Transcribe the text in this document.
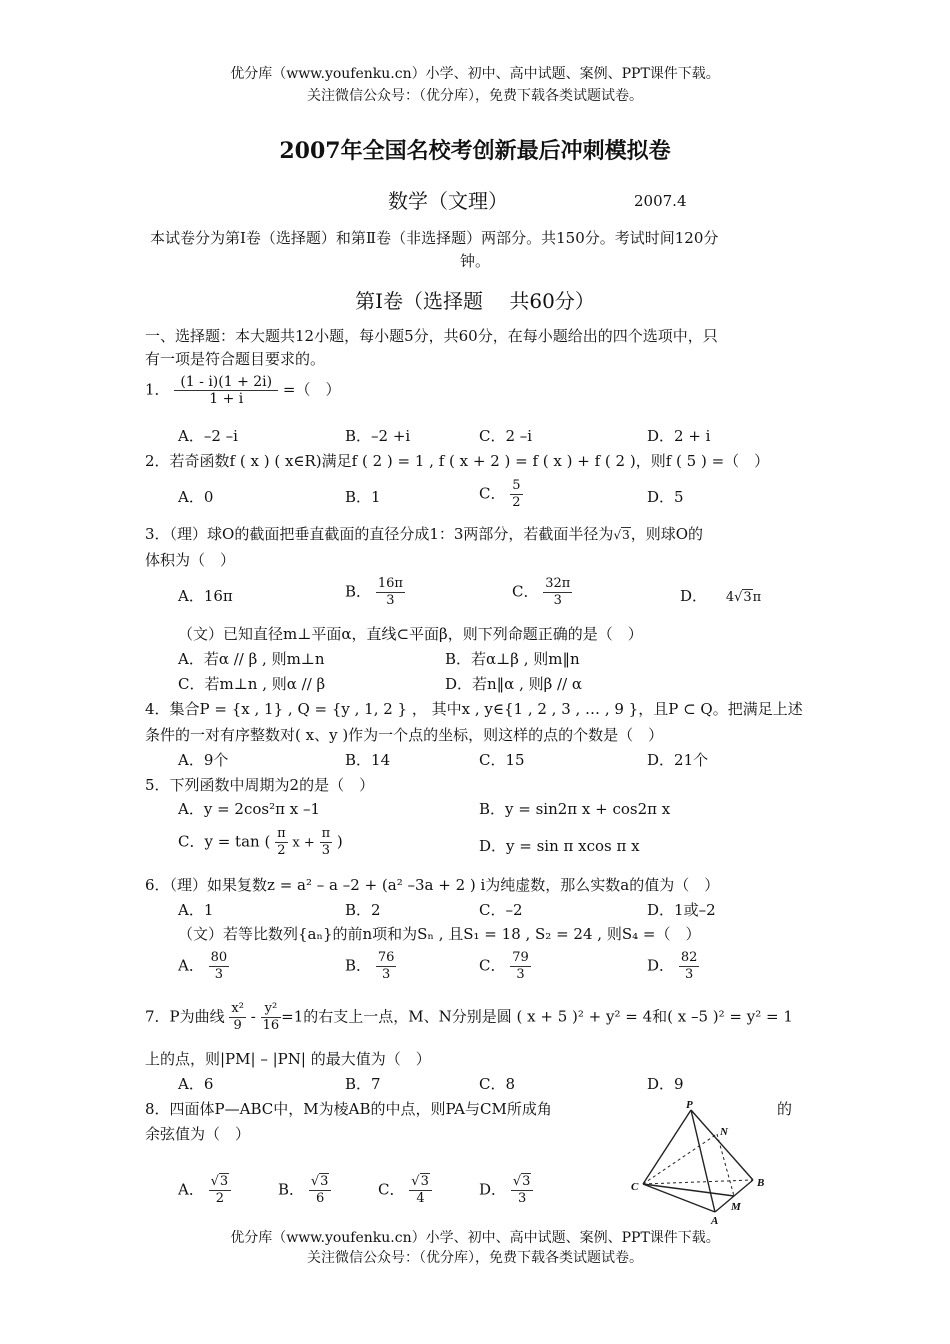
优分库（www.youfenku.cn）小学、初中、高中试题、案例、PPT课件下载。
关注微信公众号：（优分库），免费下载各类试题试卷。
2007年全国名校考创新最后冲刺模拟卷
数学（文理）	2007.4
本试卷分为第Ⅰ卷（选择题）和第Ⅱ卷（非选择题）两部分。共150分。考试时间120分
钟。
第Ⅰ卷（选择题　 共60分）
一、选择题：本大题共12小题，每小题5分，共60分，在每小题给出的四个选项中，只
有一项是符合题目要求的。
1． $\frac{(1 - i)(1 + 2i)}{1 + i}$ =（　）
A．–2 –i	B．–2 +i	C．2 –i	D．2 + i
2．若奇函数f ( x ) ( x∈R)满足f ( 2 ) = 1 , f ( x + 2 ) = f ( x ) + f ( 2 )，则f ( 5 ) =（　）
A．0	B．1	C． $\frac{5}{2}$	D．5
3．（理）球O的截面把垂直截面的直径分成1：3两部分，若截面半径为√3，则球O的
体积为（　）
A．16π	B． $\frac{16\pi}{3}$	C． $\frac{32\pi}{3}$	D． 4√3π
（文）已知直径m⊥平面α，直线⊂平面β，则下列命题正确的是（　）
A．若α // β , 则m⊥n	B．若α⊥β , 则m‖n
C．若m⊥n , 则α // β	D．若n‖α , 则β // α
4．集合P = {x , 1} , Q = {y , 1, 2 } ， 其中x , y∈{1 , 2 , 3 , … , 9 }，且P ⊂ Q。把满足上述
条件的一对有序整数对( x、y )作为一个点的坐标，则这样的点的个数是（　）
A．9个	B．14	C．15	D．21个
5．下列函数中周期为2的是（　）
A．y = 2cos²π x –1	B．y = sin2π x + cos2π x
C．y = tan ( $\frac{\pi}{2}$ $x + \frac{\pi}{3}$ )	D．y = sin π xcos π x
6．（理）如果复数z = a² – a –2 + (a² –3a + 2 ) i为纯虚数，那么实数a的值为（　）
A．1	B．2	C．–2	D．1或–2
（文）若等比数列{aₙ}的前n项和为Sₙ , 且S₁ = 18 , S₂ = 24 , 则S₄ =（　）
A． $\frac{80}{3}$	B． $\frac{76}{3}$	C． $\frac{79}{3}$	D． $\frac{82}{3}$
7．P为曲线 $\frac{\text{x²}}{9} - \frac{\text{y²}}{16} =1$的右支上一点，M、N分别是圆 ( x + 5 )² + y² = 4和( x –5 )² = y² = 1
上的点，则|PM| – |PN| 的最大值为（　）
A．6	B．7	C．8	D．9
8．四面体P—ABC中，M为棱AB的中点，则PA与CM所成角	的
余弦值为（　）
A． $\frac{√3}{2}$	B． $\frac{√3}{6}$	C． $\frac{√3}{4}$	D． $\frac{√3}{3}$
P
N
C	B
M
A
优分库（www.youfenku.cn）小学、初中、高中试题、案例、PPT课件下载。
关注微信公众号：（优分库），免费下载各类试题试卷。
